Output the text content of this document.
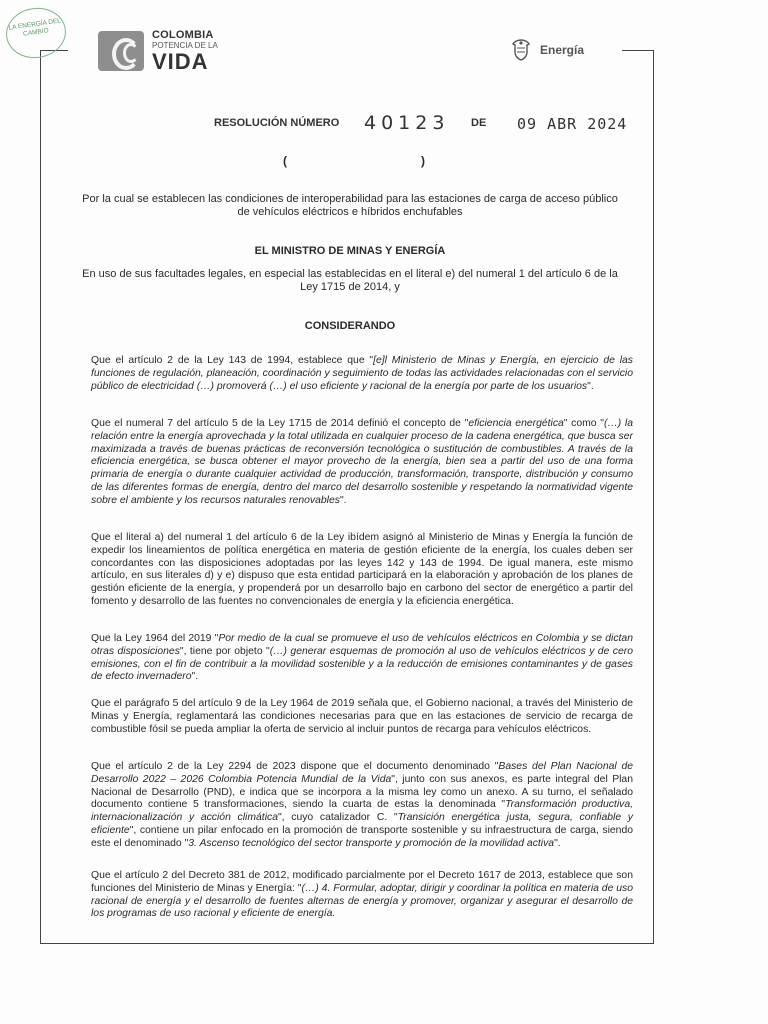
LA ENERGÍA DEL CAMBIO	COLOMBIA
POTENCIA DE LA
VIDA	Energía
RESOLUCIÓN NÚMERO 40123 DE 09 ABR 2024
(	)
Por la cual se establecen las condiciones de interoperabilidad para las estaciones de carga de acceso público de vehículos eléctricos e híbridos enchufables
EL MINISTRO DE MINAS Y ENERGÍA
En uso de sus facultades legales, en especial las establecidas en el literal e) del numeral 1 del artículo 6 de la Ley 1715 de 2014, y
CONSIDERANDO

Que el artículo 2 de la Ley 143 de 1994, establece que "[e]l Ministerio de Minas y Energía, en ejercicio de las funciones de regulación, planeación, coordinación y seguimiento de todas las actividades relacionadas con el servicio público de electricidad (…) promoverá (…) el uso eficiente y racional de la energía por parte de los usuarios".

Que el numeral 7 del artículo 5 de la Ley 1715 de 2014 definió el concepto de "eficiencia energética" como "(…) la relación entre la energía aprovechada y la total utilizada en cualquier proceso de la cadena energética, que busca ser maximizada a través de buenas prácticas de reconversión tecnológica o sustitución de combustibles. A través de la eficiencia energética, se busca obtener el mayor provecho de la energía, bien sea a partir del uso de una forma primaria de energía o durante cualquier actividad de producción, transformación, transporte, distribución y consumo de las diferentes formas de energía, dentro del marco del desarrollo sostenible y respetando la normatividad vigente sobre el ambiente y los recursos naturales renovables".

Que el literal a) del numeral 1 del artículo 6 de la Ley ibídem asignó al Ministerio de Minas y Energía la función de expedir los lineamientos de política energética en materia de gestión eficiente de la energía, los cuales deben ser concordantes con las disposiciones adoptadas por las leyes 142 y 143 de 1994. De igual manera, este mismo artículo, en sus literales d) y e) dispuso que esta entidad participará en la elaboración y aprobación de los planes de gestión eficiente de la energía, y propenderá por un desarrollo bajo en carbono del sector de energético a partir del fomento y desarrollo de las fuentes no convencionales de energía y la eficiencia energética.

Que la Ley 1964 del 2019 "Por medio de la cual se promueve el uso de vehículos eléctricos en Colombia y se dictan otras disposiciones", tiene por objeto "(…) generar esquemas de promoción al uso de vehículos eléctricos y de cero emisiones, con el fin de contribuir a la movilidad sostenible y a la reducción de emisiones contaminantes y de gases de efecto invernadero".

Que el parágrafo 5 del artículo 9 de la Ley 1964 de 2019 señala que, el Gobierno nacional, a través del Ministerio de Minas y Energía, reglamentará las condiciones necesarias para que en las estaciones de servicio de recarga de combustible fósil se pueda ampliar la oferta de servicio al incluir puntos de recarga para vehículos eléctricos.

Que el artículo 2 de la Ley 2294 de 2023 dispone que el documento denominado "Bases del Plan Nacional de Desarrollo 2022 – 2026 Colombia Potencia Mundial de la Vida", junto con sus anexos, es parte integral del Plan Nacional de Desarrollo (PND), e indica que se incorpora a la misma ley como un anexo. A su turno, el señalado documento contiene 5 transformaciones, siendo la cuarta de estas la denominada "Transformación productiva, internacionalización y acción climática", cuyo catalizador C. "Transición energética justa, segura, confiable y eficiente", contiene un pilar enfocado en la promoción de transporte sostenible y su infraestructura de carga, siendo este el denominado "3. Ascenso tecnológico del sector transporte y promoción de la movilidad activa".

Que el artículo 2 del Decreto 381 de 2012, modificado parcialmente por el Decreto 1617 de 2013, establece que son funciones del Ministerio de Minas y Energía: "(…) 4. Formular, adoptar, dirigir y coordinar la política en materia de uso racional de energía y el desarrollo de fuentes alternas de energía y promover, organizar y asegurar el desarrollo de los programas de uso racional y eficiente de energía.
